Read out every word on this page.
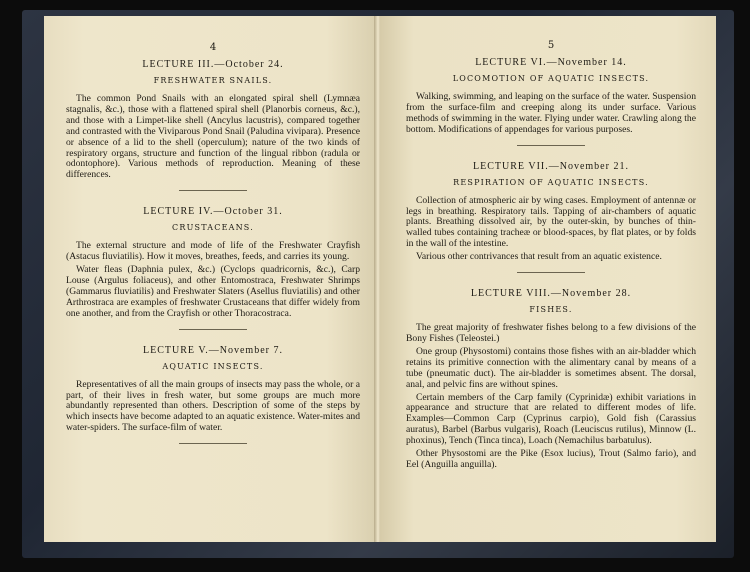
4
LECTURE III.—October 24.
FRESHWATER SNAILS.

The common Pond Snails with an elongated spiral shell (Lymnæa stagnalis, &c.), those with a flattened spiral shell (Planorbis corneus, &c.), and those with a Limpet-like shell (Ancylus lacustris), compared together and contrasted with the Viviparous Pond Snail (Paludina vivipara). Presence or absence of a lid to the shell (operculum); nature of the two kinds of respiratory organs, structure and function of the lingual ribbon (radula or odontophore). Various methods of reproduction. Meaning of these differences.

LECTURE IV.—October 31.
CRUSTACEANS.

The external structure and mode of life of the Freshwater Crayfish (Astacus fluviatilis). How it moves, breathes, feeds, and carries its young.

Water fleas (Daphnia pulex, &c.) (Cyclops quadricornis, &c.), Carp Louse (Argulus foliaceus), and other Entomostraca, Freshwater Shrimps (Gammarus fluviatilis) and Freshwater Slaters (Asellus fluviatilis) and other Arthrostraca are examples of freshwater Crustaceans that differ widely from one another, and from the Crayfish or other Thoracostraca.

LECTURE V.—November 7.
AQUATIC INSECTS.

Representatives of all the main groups of insects may pass the whole, or a part, of their lives in fresh water, but some groups are much more abundantly represented than others. Description of some of the steps by which insects have become adapted to an aquatic existence. Water-mites and water-spiders. The surface-film of water.

5
LECTURE VI.—November 14.
LOCOMOTION OF AQUATIC INSECTS.

Walking, swimming, and leaping on the surface of the water. Suspension from the surface-film and creeping along its under surface. Various methods of swimming in the water. Flying under water. Crawling along the bottom. Modifications of appendages for various purposes.

LECTURE VII.—November 21.
RESPIRATION OF AQUATIC INSECTS.

Collection of atmospheric air by wing cases. Employment of antennæ or legs in breathing. Respiratory tails. Tapping of air-chambers of aquatic plants. Breathing dissolved air, by the outer-skin, by bunches of thin-walled tubes containing tracheæ or blood-spaces, by flat plates, or by folds in the wall of the intestine.

Various other contrivances that result from an aquatic existence.

LECTURE VIII.—November 28.
FISHES.

The great majority of freshwater fishes belong to a few divisions of the Bony Fishes (Teleostei.)

One group (Physostomi) contains those fishes with an air-bladder which retains its primitive connection with the alimentary canal by means of a tube (pneumatic duct). The air-bladder is sometimes absent. The dorsal, anal, and pelvic fins are without spines.

Certain members of the Carp family (Cyprinidæ) exhibit variations in appearance and structure that are related to different modes of life. Examples—Common Carp (Cyprinus carpio), Gold fish (Carassius auratus), Barbel (Barbus vulgaris), Roach (Leuciscus rutilus), Minnow (L. phoxinus), Tench (Tinca tinca), Loach (Nemachilus barbatulus).

Other Physostomi are the Pike (Esox lucius), Trout (Salmo fario), and Eel (Anguilla anguilla).
